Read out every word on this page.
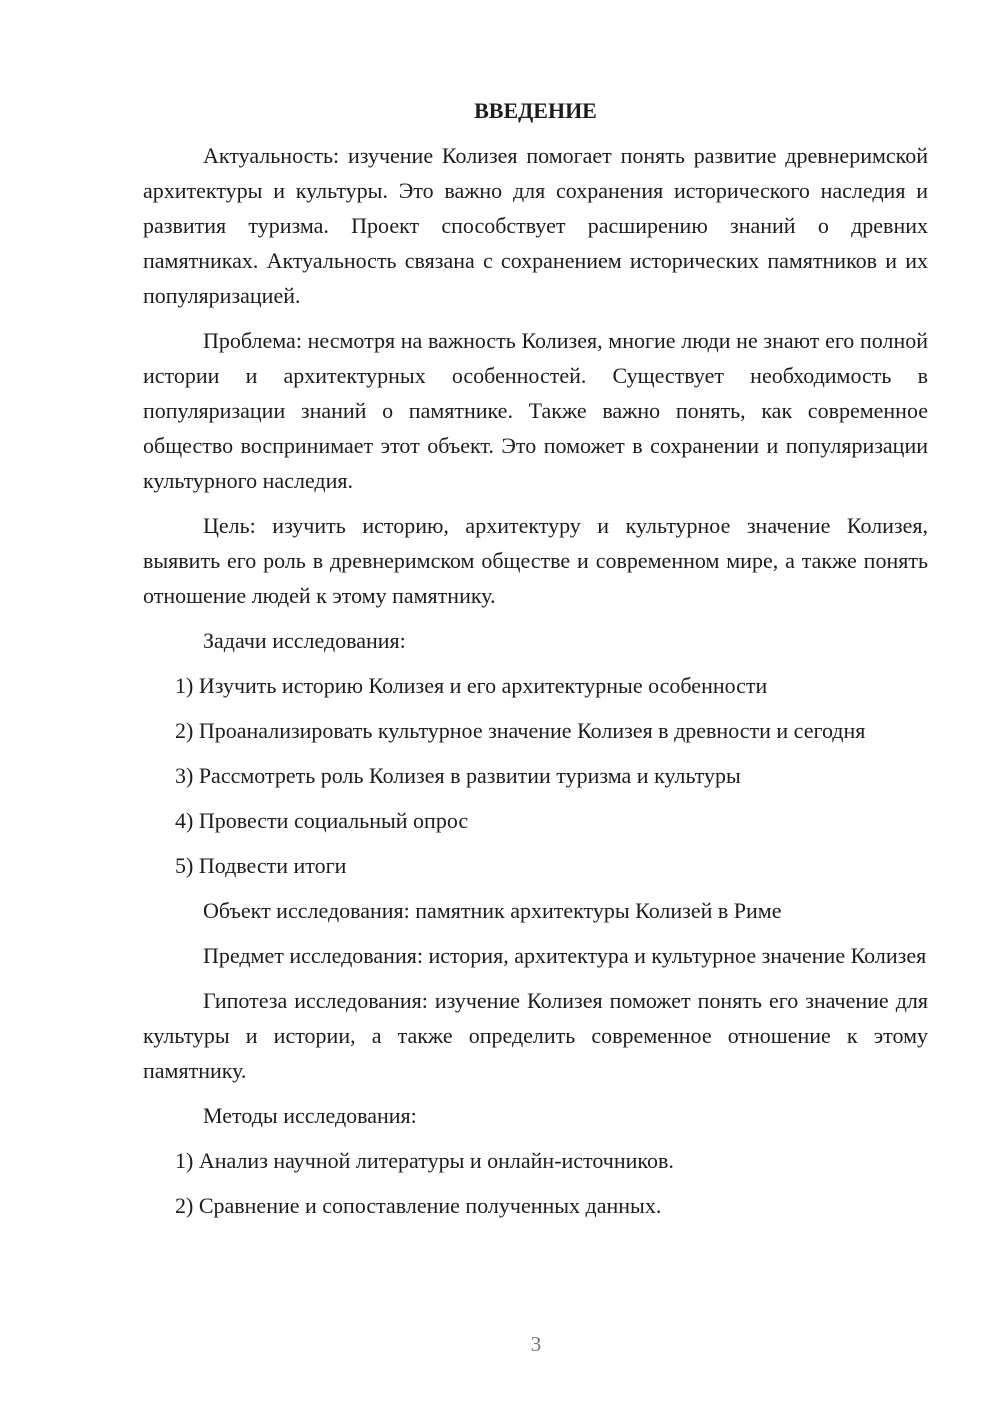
ВВЕДЕНИЕ

Актуальность: изучение Колизея помогает понять развитие древнеримской архитектуры и культуры. Это важно для сохранения исторического наследия и развития туризма. Проект способствует расширению знаний о древних памятниках. Актуальность связана с сохранением исторических памятников и их популяризацией.

Проблема: несмотря на важность Колизея, многие люди не знают его полной истории и архитектурных особенностей. Существует необходимость в популяризации знаний о памятнике. Также важно понять, как современное общество воспринимает этот объект. Это поможет в сохранении и популяризации культурного наследия.

Цель: изучить историю, архитектуру и культурное значение Колизея, выявить его роль в древнеримском обществе и современном мире, а также понять отношение людей к этому памятнику.

Задачи исследования:

1) Изучить историю Колизея и его архитектурные особенности

2) Проанализировать культурное значение Колизея в древности и сегодня

3) Рассмотреть роль Колизея в развитии туризма и культуры

4) Провести социальный опрос

5) Подвести итоги

Объект исследования: памятник архитектуры Колизей в Риме

Предмет исследования: история, архитектура и культурное значение Колизея

Гипотеза исследования: изучение Колизея поможет понять его значение для культуры и истории, а также определить современное отношение к этому памятнику.

Методы исследования:

1) Анализ научной литературы и онлайн-источников.

2) Сравнение и сопоставление полученных данных.

3
